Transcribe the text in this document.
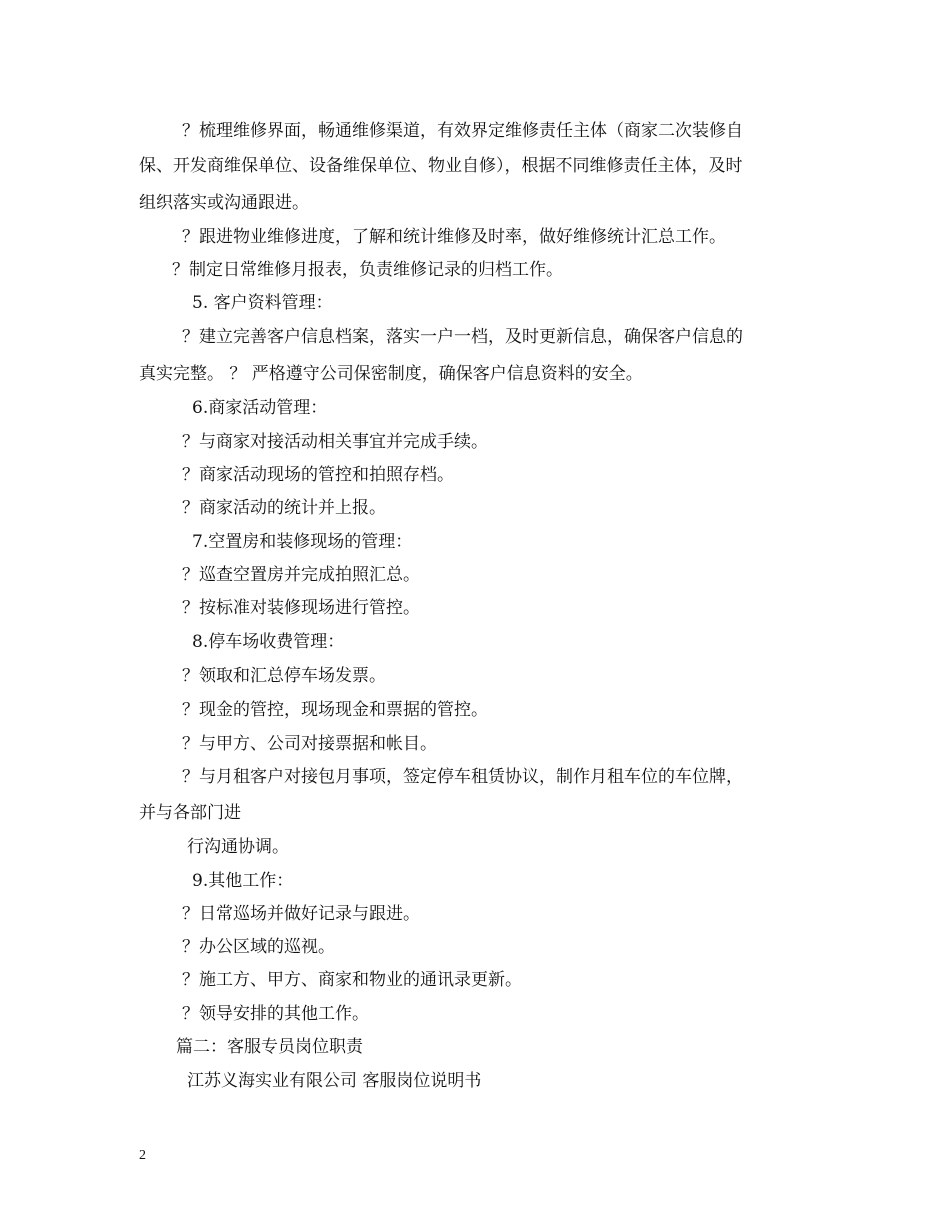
？梳理维修界面，畅通维修渠道，有效界定维修责任主体（商家二次装修自
保、开发商维保单位、设备维保单位、物业自修），根据不同维修责任主体，及时
组织落实或沟通跟进。
？跟进物业维修进度，了解和统计维修及时率，做好维修统计汇总工作。
？制定日常维修月报表，负责维修记录的归档工作。
5. 客户资料管理：
？建立完善客户信息档案，落实一户一档，及时更新信息，确保客户信息的
真实完整。 ？ 严格遵守公司保密制度，确保客户信息资料的安全。
6.商家活动管理：
？与商家对接活动相关事宜并完成手续。
？商家活动现场的管控和拍照存档。
？商家活动的统计并上报。
7.空置房和装修现场的管理：
？巡查空置房并完成拍照汇总。
？按标准对装修现场进行管控。
8.停车场收费管理：
？领取和汇总停车场发票。
？现金的管控，现场现金和票据的管控。
？与甲方、公司对接票据和帐目。
？与月租客户对接包月事项，签定停车租赁协议，制作月租车位的车位牌，
并与各部门进
行沟通协调。
9.其他工作：
？日常巡场并做好记录与跟进。
？办公区域的巡视。
？施工方、甲方、商家和物业的通讯录更新。
？领导安排的其他工作。
篇二：客服专员岗位职责
江苏义海实业有限公司 客服岗位说明书
2
